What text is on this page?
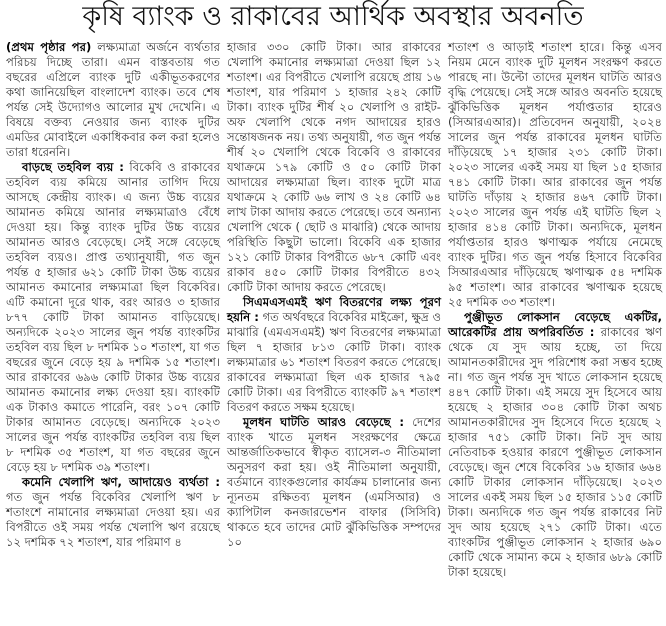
কৃষি ব্যাংক ও রাকাবের আর্থিক অবস্থার অবনতি

(প্রথম পৃষ্ঠার পর) লক্ষ্যমাত্রা অর্জনে ব্যর্থতার পরিচয় দিচ্ছে তারা। এমন বাস্তবতায় গত বছরের এপ্রিলে ব্যাংক দুটি একীভূতকরণের কথা জানিয়েছিল বাংলাদেশ ব্যাংক। তবে শেষ পর্যন্ত সেই উদ্যোগও আলোর মুখ দেখেনি। এ বিষয়ে বক্তব্য নেওয়ার জন্য ব্যাংক দুটির এমডির মোবাইলে একাধিকবার কল করা হলেও তারা ধরেননি।

বাড়ছে তহবিল ব্যয় : বিকেবি ও রাকাবের তহবিল ব্যয় কমিয়ে আনার তাগিদ দিয়ে আসছে কেন্দ্রীয় ব্যাংক। এ জন্য উচ্চ ব্যয়ের আমানত কমিয়ে আনার লক্ষ্যমাত্রাও বেঁধে দেওয়া হয়। কিন্তু ব্যাংক দুটির উচ্চ ব্যয়ের আমানত আরও বেড়েছে। সেই সঙ্গে বেড়েছে তহবিল ব্যয়ও। প্রাপ্ত তথ্যানুযায়ী, গত জুন পর্যন্ত ৫ হাজার ৬২১ কোটি টাকা উচ্চ ব্যয়ের আমানত কমানোর লক্ষ্যমাত্রা ছিল বিকেবির। এটি কমানো দূরে থাক, বরং আরও ৩ হাজার ৮৭৭ কোটি টাকা আমানত বাড়িয়েছে। অন্যদিকে ২০২৩ সালের জুন পর্যন্ত ব্যাংকটির তহবিল ব্যয় ছিল ৮ দশমিক ১০ শতাংশ, যা গত বছরের জুনে বেড়ে হয় ৯ দশমিক ১৫ শতাংশ। আর রাকাবের ৬৯৬ কোটি টাকার উচ্চ ব্যয়ের আমানত কমানোর লক্ষ্য দেওয়া হয়। ব্যাংকটি এক টাকাও কমাতে পারেনি, বরং ১০৭ কোটি টাকার আমানত বেড়েছে। অন্যদিকে ২০২৩ সালের জুন পর্যন্ত ব্যাংকটির তহবিল ব্যয় ছিল ৮ দশমিক ৩৫ শতাংশ, যা গত বছরের জুনে বেড়ে হয় ৮ দশমিক ৩৯ শতাংশ।

কমেনি খেলাপি ঋণ, আদায়েও ব্যর্থতা : গত জুন পর্যন্ত বিকেবির খেলাপি ঋণ ৮ শতাংশে নামানোর লক্ষ্যমাত্রা দেওয়া হয়। এর বিপরীতে ওই সময় পর্যন্ত খেলাপি ঋণ রয়েছে ১২ দশমিক ৭২ শতাংশ, যার পরিমাণ ৪

হাজার ৩৩০ কোটি টাকা। আর রাকাবের খেলাপি কমানোর লক্ষ্যমাত্রা দেওয়া ছিল ১২ শতাংশ। এর বিপরীতে খেলাপি রয়েছে প্রায় ১৬ শতাংশ, যার পরিমাণ ১ হাজার ২৪২ কোটি টাকা। ব্যাংক দুটির শীর্ষ ২০ খেলাপি ও রাইট-অফ খেলাপি থেকে নগদ আদায়ের হারও সন্তোষজনক নয়। তথ্য অনুযায়ী, গত জুন পর্যন্ত শীর্ষ ২০ খেলাপি থেকে বিকেবি ও রাকাবের যথাক্রমে ১৭৯ কোটি ও ৫০ কোটি টাকা আদায়ের লক্ষ্যমাত্রা ছিল। ব্যাংক দুটো মাত্র যথাক্রমে ২ কোটি ৬৬ লাখ ও ২৪ কোটি ৬৪ লাখ টাকা আদায় করতে পেরেছে। তবে অন্যান্য খেলাপি থেকে ( ছোট ও মাঝারি) থেকে আদায় পরিস্থিতি কিছুটা ভালো। বিকেবি এক হাজার ১২১ কোটি টাকার বিপরীতে ৬৮৭ কোটি এবং রাকাব ৪৫০ কোটি টাকার বিপরীতে ৪৩২ কোটি টাকা আদায় করতে পেরেছে।

সিএমএসএমই ঋণ বিতরণের লক্ষ্য পূরণ হয়নি : গত অর্থবছরে বিকেবির মাইক্রো, ক্ষুদ্র ও মাঝারি (এমএসএমই) ঋণ বিতরণের লক্ষ্যমাত্রা ছিল ৭ হাজার ৮১৩ কোটি টাকা। ব্যাংক লক্ষ্যমাত্রার ৬১ শতাংশ বিতরণ করতে পেরেছে। রাকাবের লক্ষ্যমাত্রা ছিল এক হাজার ৭৯৫ কোটি টাকা। এর বিপরীতে ব্যাংকটি ৯৭ শতাংশ বিতরণ করতে সক্ষম হয়েছে।

মূলধন ঘাটতি আরও বেড়েছে : দেশের ব্যাংক খাতে মূলধন সংরক্ষণের ক্ষেত্রে আন্তর্জাতিকভাবে স্বীকৃত ব্যাসেল-৩ নীতিমালা অনুসরণ করা হয়। ওই নীতিমালা অনুযায়ী, বর্তমানে ব্যাংকগুলোর কার্যক্রম চালানোর জন্য ন্যূনতম রক্ষিতব্য মূলধন (এমসিআর) ও ক্যাপিটাল কনজারভেশন বাফার (সিসিবি) থাকতে হবে তাদের মোট ঝুঁকিভিত্তিক সম্পদের ১০

শতাংশ ও আড়াই শতাংশ হারে। কিন্তু এসব নিয়ম মেনে ব্যাংক দুটি মূলধন সংরক্ষণ করতে পারছে না। উল্টো তাদের মূলধন ঘাটতি আরও বৃদ্ধি পেয়েছে। সেই সঙ্গে আরও অবনতি হয়েছে ঝুঁকিভিত্তিক মূলধন পর্যাপ্ততার হারেও (সিআরএআর)। প্রতিবেদন অনুযায়ী, ২০২৪ সালের জুন পর্যন্ত রাকাবের মূলধন ঘাটতি দাঁড়িয়েছে ১৭ হাজার ২৩১ কোটি টাকা। ২০২৩ সালের একই সময় যা ছিল ১৫ হাজার ৭৪১ কোটি টাকা। আর রাকাবের জুন পর্যন্ত ঘাটতি দাঁড়ায় ২ হাজার ৪৬৭ কোটি টাকা। ২০২৩ সালের জুন পর্যন্ত এই ঘাটতি ছিল ২ হাজার ৪১৪ কোটি টাকা। অন্যদিকে, মূলধন পর্যাপ্ততার হারও ঋণাত্মক পর্যায়ে নেমেছে ব্যাংক দুটির। গত জুন পর্যন্ত হিসাবে বিকেবির সিআরএআর দাঁড়িয়েছে ঋণাত্মক ৫৪ দশমিক ৯৫ শতাংশ। আর রাকাবের ঋণাত্মক হয়েছে ২৫ দশমিক ৩৩ শতাংশ।

পুঞ্জীভূত লোকসান বেড়েছে একটির, আরেকটির প্রায় অপরিবর্তিত : রাকাবের ঋণ থেকে যে সুদ আয় হচ্ছে, তা দিয়ে আমানতকারীদের সুদ পরিশোধ করা সম্ভব হচ্ছে না। গত জুন পর্যন্ত সুদ খাতে লোকসান হয়েছে ৪৪৭ কোটি টাকা। এই সময়ে সুদ হিসেবে আয় হয়েছে ২ হাজার ৩০৪ কোটি টাকা অথচ আমানতকারীদের সুদ হিসেবে দিতে হয়েছে ২ হাজার ৭৫১ কোটি টাকা। নিট সুদ আয় নেতিবাচক হওয়ার কারণে পুঞ্জীভূত লোকসান বেড়েছে। জুন শেষে বিকেবির ১৬ হাজার ৬৬৪ কোটি টাকার লোকসান দাঁড়িয়েছে। ২০২৩ সালের একই সময় ছিল ১৫ হাজার ১১৫ কোটি টাকা। অন্যদিকে গত জুন পর্যন্ত রাকাবের নিট সুদ আয় হয়েছে ২৭১ কোটি টাকা। এতে ব্যাংকটির পুঞ্জীভূত লোকসান ২ হাজার ৬৯০ কোটি থেকে সামান্য কমে ২ হাজার ৬৮৯ কোটি টাকা হয়েছে।
